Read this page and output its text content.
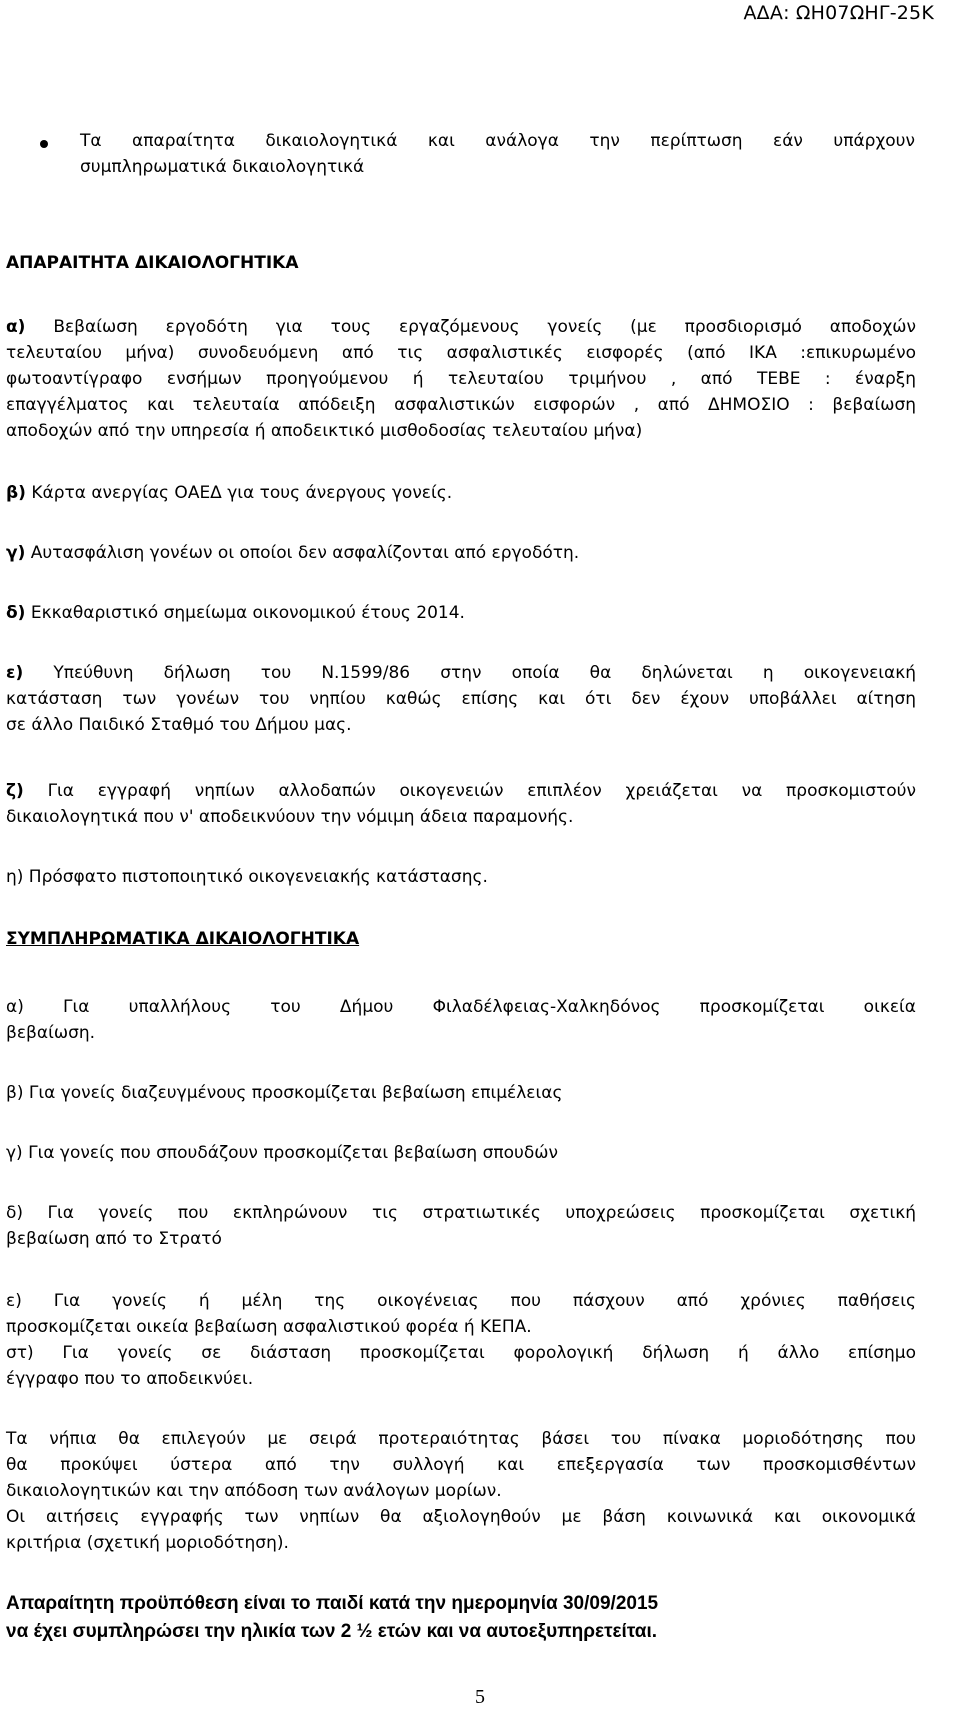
ΑΔΑ: ΩΗ07ΩΗΓ-25Κ
Τα απαραίτητα δικαιολογητικά και ανάλογα την περίπτωση εάν υπάρχουν
συμπληρωματικά δικαιολογητικά
ΑΠΑΡΑΙΤΗΤΑ ΔΙΚΑΙΟΛΟΓΗΤΙΚΑ
α) Βεβαίωση εργοδότη για τους εργαζόμενους γονείς (με προσδιορισμό αποδοχών
τελευταίου μήνα) συνοδευόμενη από τις ασφαλιστικές εισφορές (από ΙΚΑ :επικυρωμένο
φωτοαντίγραφο ενσήμων προηγούμενου ή τελευταίου τριμήνου , από ΤΕΒΕ : έναρξη
επαγγέλματος και τελευταία απόδειξη ασφαλιστικών εισφορών , από ΔΗΜΟΣΙΟ : βεβαίωση
αποδοχών από την υπηρεσία ή αποδεικτικό μισθοδοσίας τελευταίου μήνα)
β) Κάρτα ανεργίας ΟΑΕΔ για τους άνεργους γονείς.
γ) Αυτασφάλιση γονέων οι οποίοι δεν ασφαλίζονται από εργοδότη.
δ) Εκκαθαριστικό σημείωμα οικονομικού έτους 2014.
ε) Υπεύθυνη δήλωση του Ν.1599/86 στην οποία θα δηλώνεται η οικογενειακή
κατάσταση των γονέων του νηπίου καθώς επίσης και ότι δεν έχουν υποβάλλει αίτηση
σε άλλο Παιδικό Σταθμό του Δήμου μας.
ζ) Για εγγραφή νηπίων αλλοδαπών οικογενειών επιπλέον χρειάζεται να προσκομιστούν
δικαιολογητικά που ν' αποδεικνύουν την νόμιμη άδεια παραμονής.
η) Πρόσφατο πιστοποιητικό οικογενειακής κατάστασης.
ΣΥΜΠΛΗΡΩΜΑΤΙΚΑ ΔΙΚΑΙΟΛΟΓΗΤΙΚΑ
α) Για υπαλλήλους του Δήμου Φιλαδέλφειας-Χαλκηδόνος προσκομίζεται οικεία
βεβαίωση.
β) Για γονείς διαζευγμένους προσκομίζεται βεβαίωση επιμέλειας
γ) Για γονείς που σπουδάζουν προσκομίζεται βεβαίωση σπουδών
δ) Για γονείς που εκπληρώνουν τις στρατιωτικές υποχρεώσεις προσκομίζεται σχετική
βεβαίωση από το Στρατό
ε) Για γονείς ή μέλη της οικογένειας που πάσχουν από χρόνιες παθήσεις
προσκομίζεται οικεία βεβαίωση ασφαλιστικού φορέα ή ΚΕΠΑ.
στ) Για γονείς σε διάσταση προσκομίζεται φορολογική δήλωση ή άλλο επίσημο
έγγραφο που το αποδεικνύει.
Τα νήπια θα επιλεγούν με σειρά προτεραιότητας βάσει του πίνακα μοριοδότησης που
θα προκύψει ύστερα από την συλλογή και επεξεργασία των προσκομισθέντων
δικαιολογητικών και την απόδοση των ανάλογων μορίων.
Οι αιτήσεις εγγραφής των νηπίων θα αξιολογηθούν με βάση κοινωνικά και οικονομικά
κριτήρια (σχετική μοριοδότηση).
Απαραίτητη προϋπόθεση είναι το παιδί κατά την ημερομηνία 30/09/2015
να έχει συμπληρώσει την ηλικία των 2 ½ ετών και να αυτοεξυπηρετείται.
5
